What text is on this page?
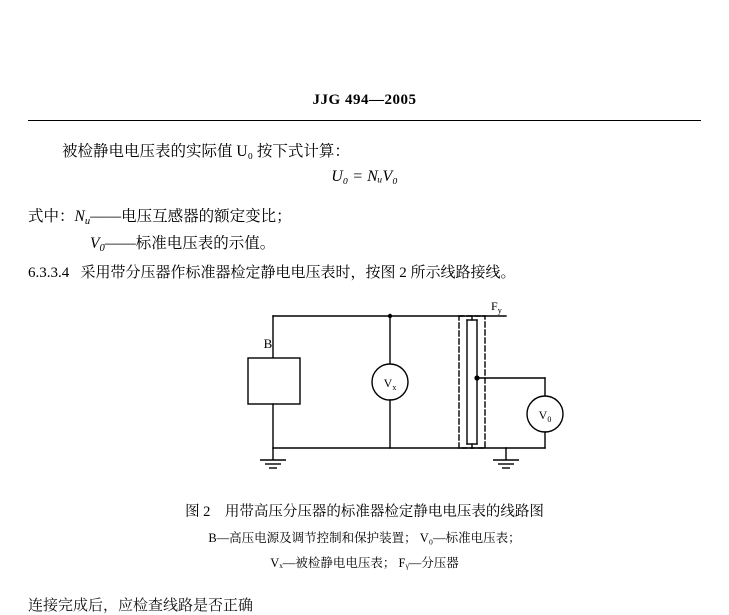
JJG 494—2005
被检静电电压表的实际值 U₀ 按下式计算：
U₀ = NᵤV₀
式中：Nu——电压互感器的额定变比；
V0——标准电压表的示值。
6.3.3.4 采用带分压器作标准器检定静电电压表时，按图 2 所示线路接线。
B
$V_x$
$V_0$
$F_y$
图 2　用带高压分压器的标准器检定静电电压表的线路图
B—高压电源及调节控制和保护装置； V₀—标准电压表；
Vₓ—被检静电电压表； Fᵧ—分压器
连接完成后，应检查线路是否正确
